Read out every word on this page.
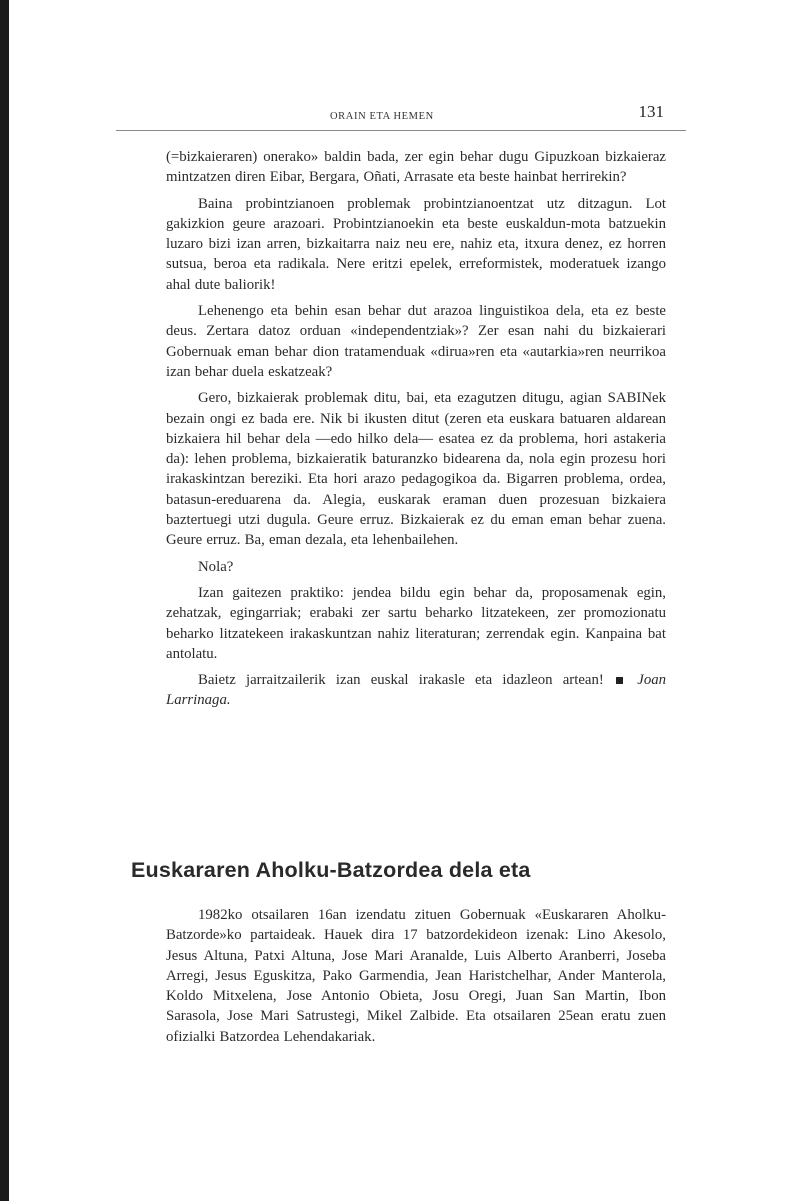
ORAIN ETA HEMEN	131

(=bizkaieraren) onerako» baldin bada, zer egin behar dugu Gipuzkoan bizkaieraz mintzatzen diren Eibar, Bergara, Oñati, Arrasate eta beste hainbat herrirekin?

Baina probintzianoen problemak probintzianoentzat utz ditzagun. Lot gakizkion geure arazoari. Probintzianoekin eta beste euskaldun-mota batzuekin luzaro bizi izan arren, bizkaitarra naiz neu ere, nahiz eta, itxura denez, ez horren sutsua, beroa eta radikala. Nere eritzi epelek, erreformistek, moderatuek izango ahal dute baliorik!

Lehenengo eta behin esan behar dut arazoa linguistikoa dela, eta ez beste deus. Zertara datoz orduan «independentziak»? Zer esan nahi du bizkaierari Gobernuak eman behar dion tratamenduak «dirua»ren eta «autarkia»ren neurrikoa izan behar duela eskatzeak?

Gero, bizkaierak problemak ditu, bai, eta ezagutzen ditugu, agian SABINek bezain ongi ez bada ere. Nik bi ikusten ditut (zeren eta euskara batuaren aldarean bizkaiera hil behar dela —edo hilko dela— esatea ez da problema, hori astakeria da): lehen problema, bizkaieratik baturanzko bidearena da, nola egin prozesu hori irakaskintzan bereziki. Eta hori arazo pedagogikoa da. Bigarren problema, ordea, batasun-ereduarena da. Alegia, euskarak eraman duen prozesuan bizkaiera baztertuegi utzi dugula. Geure erruz. Bizkaierak ez du eman eman behar zuena. Geure erruz. Ba, eman dezala, eta lehenbailehen.

Nola?

Izan gaitezen praktiko: jendea bildu egin behar da, proposamenak egin, zehatzak, egingarriak; erabaki zer sartu beharko litzatekeen, zer promozionatu beharko litzatekeen irakaskuntzan nahiz literaturan; zerrendak egin. Kanpaina bat antolatu.

Baietz jarraitzailerik izan euskal irakasle eta idazleon artean! Joan Larrinaga.

Euskararen Aholku-Batzordea dela eta

1982ko otsailaren 16an izendatu zituen Gobernuak «Euskararen Aholku-Batzorde»ko partaideak. Hauek dira 17 batzordekideon izenak: Lino Akesolo, Jesus Altuna, Patxi Altuna, Jose Mari Aranalde, Luis Alberto Aranberri, Joseba Arregi, Jesus Eguskitza, Pako Garmendia, Jean Haristchelhar, Ander Manterola, Koldo Mitxelena, Jose Antonio Obieta, Josu Oregi, Juan San Martin, Ibon Sarasola, Jose Mari Satrustegi, Mikel Zalbide. Eta otsailaren 25ean eratu zuen ofizialki Batzordea Lehendakariak.
